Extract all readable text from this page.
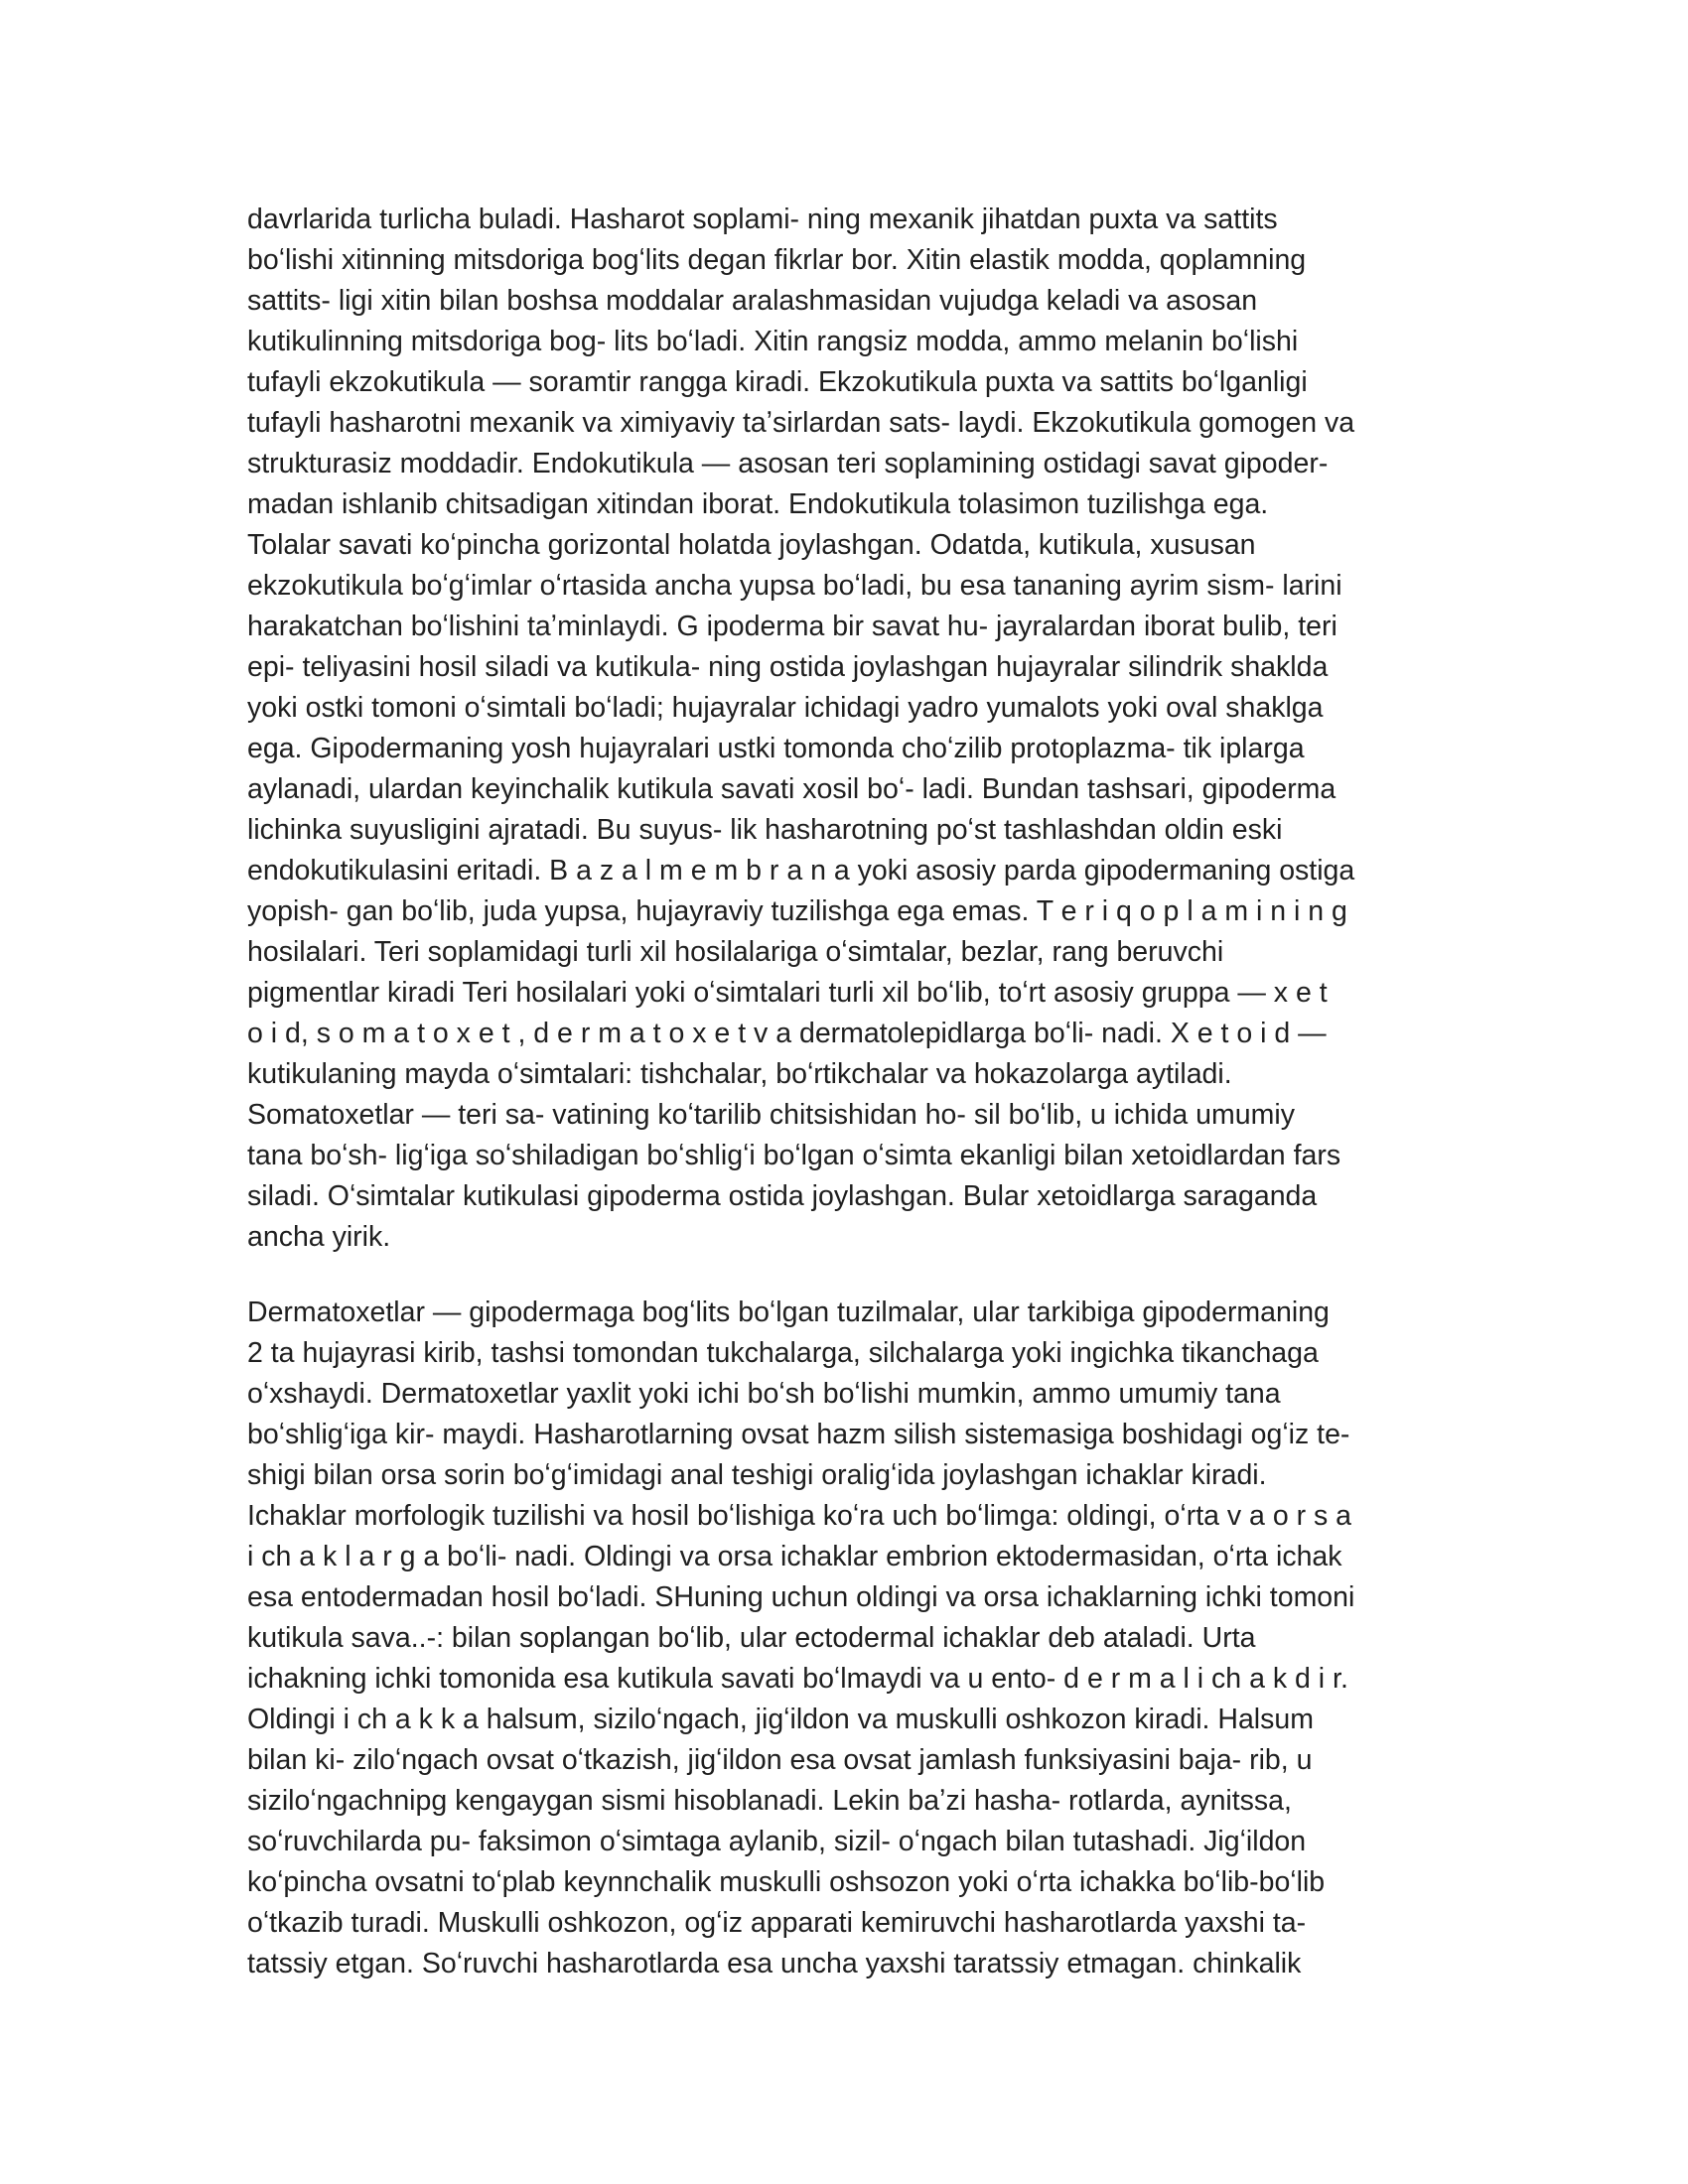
davrlarida turlicha buladi. Hasharot soplami- ning mexanik jihatdan puxta va sattits
boʻlishi xitinning mitsdoriga bogʻlits degan fikrlar bor. Xitin elastik modda, qoplamning
sattits- ligi xitin bilan boshsa moddalar aralashmasidan vujudga keladi va asosan
kutikulinning mitsdoriga bog- lits boʻladi. Xitin rangsiz modda, ammo melanin boʻlishi
tufayli ekzokutikula — soramtir rangga kiradi. Ekzokutikula puxta va sattits boʻlganligi
tufayli hasharotni mexanik va ximiyaviy taʼsirlardan sats- laydi. Ekzokutikula gomogen va
strukturasiz moddadir. Endokutikula — asosan teri soplamining ostidagi savat gipoder-
madan ishlanib chitsadigan xitindan iborat. Endokutikula tolasimon tuzilishga ega.
Tolalar savati koʻpincha gorizontal holatda joylashgan. Odatda, kutikula, xususan
ekzokutikula boʻgʻimlar oʻrtasida ancha yupsa boʻladi, bu esa tananing ayrim sism- larini
harakatchan boʻlishini taʼminlaydi. G ipoderma bir savat hu- jayralardan iborat bulib, teri
epi- teliyasini hosil siladi va kutikula- ning ostida joylashgan hujayralar silindrik shaklda
yoki ostki tomoni oʻsimtali boʻladi; hujayralar ichidagi yadro yumalots yoki oval shaklga
ega. Gipodermaning yosh hujayralari ustki tomonda choʻzilib protoplazma- tik iplarga
aylanadi, ulardan keyinchalik kutikula savati xosil boʻ- ladi. Bundan tashsari, gipoderma
lichinka suyusligini ajratadi. Bu suyus- lik hasharotning poʻst tashlashdan oldin eski
endokutikulasini eritadi. B a z a l m e m b r a n a yoki asosiy parda gipodermaning ostiga
yopish- gan boʻlib, juda yupsa, hujayraviy tuzilishga ega emas. T e r i q o p l a m i n i n g
hosilalari. Teri soplamidagi turli xil hosilalariga oʻsimtalar, bezlar, rang beruvchi
pigmentlar kiradi Teri hosilalari yoki oʻsimtalari turli xil boʻlib, toʻrt asosiy gruppa — x e t
o i d, s o m a t o x e t , d e r m a t o x e t v a dermatolepidlarga boʻli- nadi. X e t o i d —
kutikulaning mayda oʻsimtalari: tishchalar, boʻrtikchalar va hokazolarga aytiladi.
Somatoxetlar — teri sa- vatining koʻtarilib chitsishidan ho- sil boʻlib, u ichida umumiy
tana boʻsh- ligʻiga soʻshiladigan boʻshligʻi boʻlgan oʻsimta ekanligi bilan xetoidlardan fars
siladi. Oʻsimtalar kutikulasi gipoderma ostida joylashgan. Bular xetoidlarga saraganda
ancha yirik.
Dermatoxetlar — gipodermaga bogʻlits boʻlgan tuzilmalar, ular tarkibiga gipodermaning
2 ta hujayrasi kirib, tashsi tomondan tukchalarga, silchalarga yoki ingichka tikanchaga
oʻxshaydi. Dermatoxetlar yaxlit yoki ichi boʻsh boʻlishi mumkin, ammo umumiy tana
boʻshligʻiga kir- maydi. Hasharotlarning ovsat hazm silish sistemasiga boshidagi ogʻiz te-
shigi bilan orsa sorin boʻgʻimidagi anal teshigi oraligʻida joylashgan ichaklar kiradi.
Ichaklar morfologik tuzilishi va hosil boʻlishiga koʻra uch boʻlimga: oldingi, oʻrta v a o r s a
i ch a k l a r g a boʻli- nadi. Oldingi va orsa ichaklar embrion ektodermasidan, oʻrta ichak
esa entodermadan hosil boʻladi. SHuning uchun oldingi va orsa ichaklarning ichki tomoni
kutikula sava..-: bilan soplangan boʻlib, ular ectodermal ichaklar deb ataladi. Urta
ichakning ichki tomonida esa kutikula savati boʻlmaydi va u ento- d e r m a l i ch a k d i r.
Oldingi i ch a k k a halsum, siziloʻngach, jigʻildon va muskulli oshkozon kiradi. Halsum
bilan ki- ziloʻngach ovsat oʻtkazish, jigʻildon esa ovsat jamlash funksiyasini baja- rib, u
siziloʻngachnipg kengaygan sismi hisoblanadi. Lekin baʼzi hasha- rotlarda, aynitssa,
soʻruvchilarda pu- faksimon oʻsimtaga aylanib, sizil- oʻngach bilan tutashadi. Jigʻildon
koʻpincha ovsatni toʻplab keynnchalik muskulli oshsozon yoki oʻrta ichakka boʻlib-boʻlib
oʻtkazib turadi. Muskulli oshkozon, ogʻiz apparati kemiruvchi hasharotlarda yaxshi ta-
tatssiy etgan. Soʻruvchi hasharotlarda esa uncha yaxshi taratssiy etmagan. chinkalik
